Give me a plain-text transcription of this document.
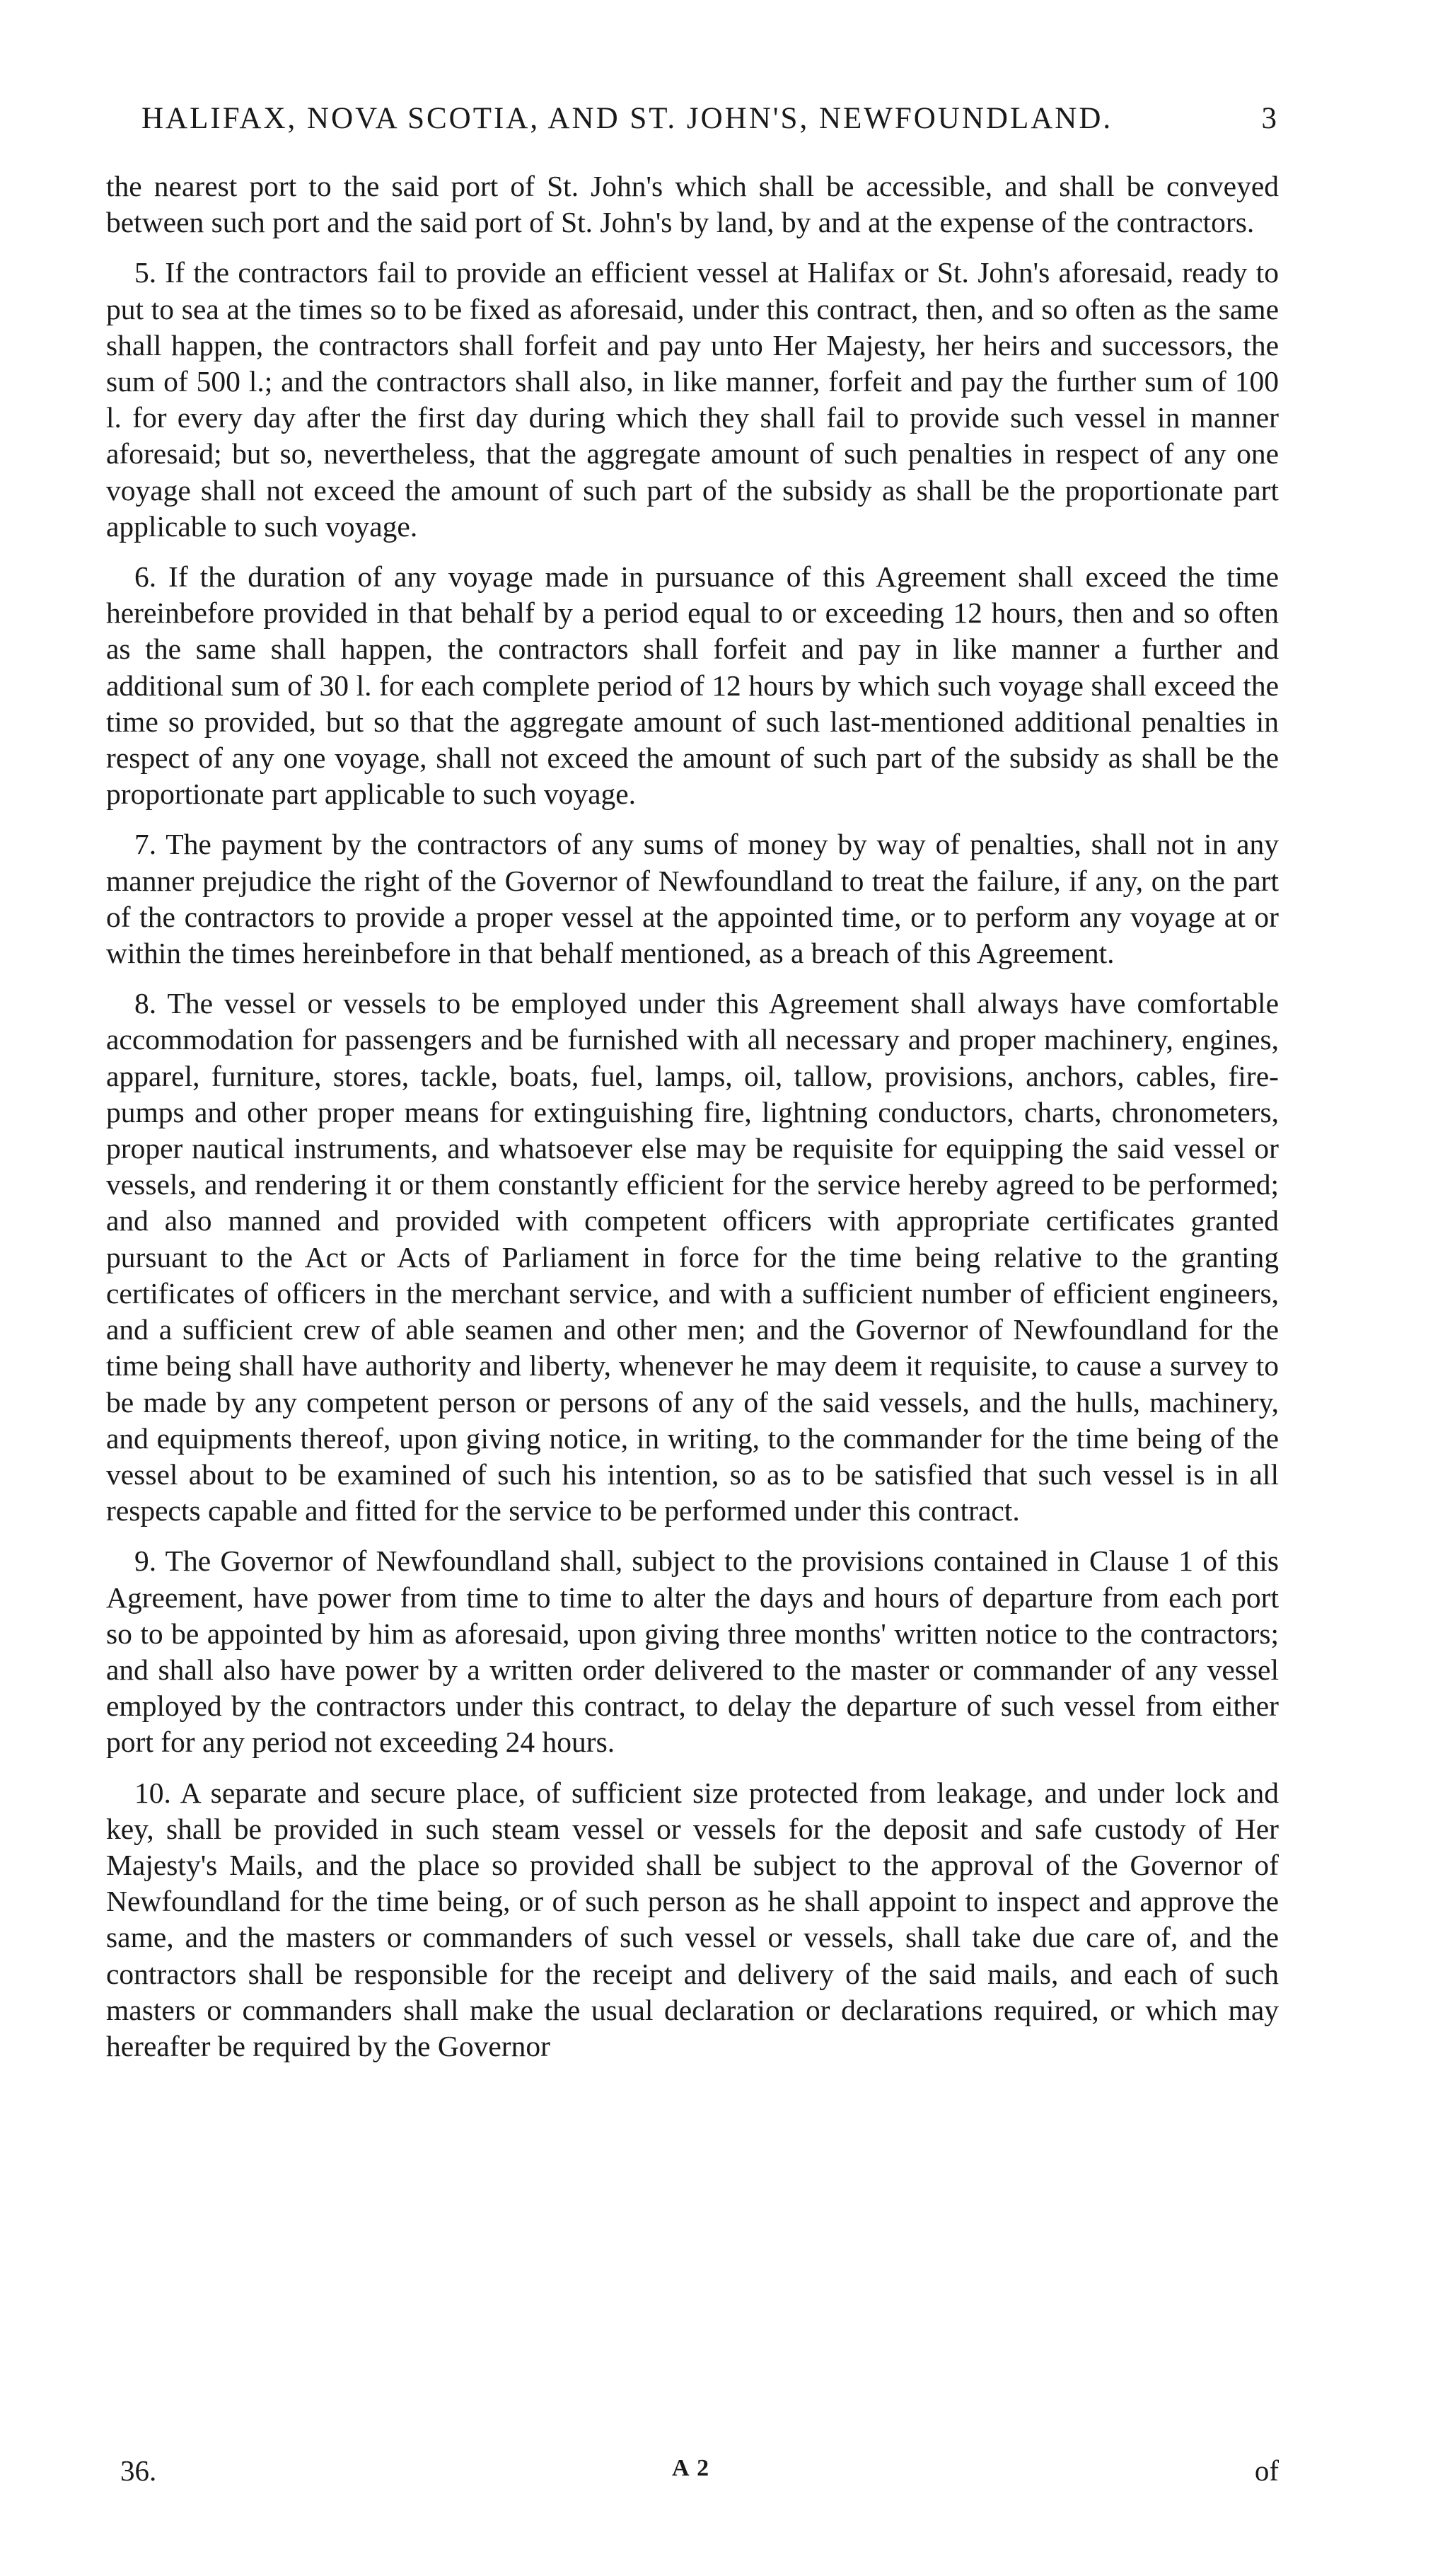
HALIFAX, NOVA SCOTIA, AND ST. JOHN'S, NEWFOUNDLAND.	3

the nearest port to the said port of St. John's which shall be accessible, and shall be conveyed between such port and the said port of St. John's by land, by and at the expense of the contractors.

5. If the contractors fail to provide an efficient vessel at Halifax or St. John's aforesaid, ready to put to sea at the times so to be fixed as aforesaid, under this contract, then, and so often as the same shall happen, the contractors shall forfeit and pay unto Her Majesty, her heirs and successors, the sum of 500 l.; and the contractors shall also, in like manner, forfeit and pay the further sum of 100 l. for every day after the first day during which they shall fail to provide such vessel in manner aforesaid; but so, nevertheless, that the aggregate amount of such penalties in respect of any one voyage shall not exceed the amount of such part of the subsidy as shall be the proportionate part applicable to such voyage.

6. If the duration of any voyage made in pursuance of this Agreement shall exceed the time hereinbefore provided in that behalf by a period equal to or exceeding 12 hours, then and so often as the same shall happen, the contractors shall forfeit and pay in like manner a further and additional sum of 30 l. for each complete period of 12 hours by which such voyage shall exceed the time so provided, but so that the aggregate amount of such last-mentioned additional penalties in respect of any one voyage, shall not exceed the amount of such part of the subsidy as shall be the proportionate part applicable to such voyage.

7. The payment by the contractors of any sums of money by way of penalties, shall not in any manner prejudice the right of the Governor of Newfoundland to treat the failure, if any, on the part of the contractors to provide a proper vessel at the appointed time, or to perform any voyage at or within the times hereinbefore in that behalf mentioned, as a breach of this Agreement.

8. The vessel or vessels to be employed under this Agreement shall always have comfortable accommodation for passengers and be furnished with all necessary and proper machinery, engines, apparel, furniture, stores, tackle, boats, fuel, lamps, oil, tallow, provisions, anchors, cables, fire-pumps and other proper means for extinguishing fire, lightning conductors, charts, chronometers, proper nautical instruments, and whatsoever else may be requisite for equipping the said vessel or vessels, and rendering it or them constantly efficient for the service hereby agreed to be performed; and also manned and provided with competent officers with appropriate certificates granted pursuant to the Act or Acts of Parliament in force for the time being relative to the granting certificates of officers in the merchant service, and with a sufficient number of efficient engineers, and a sufficient crew of able seamen and other men; and the Governor of Newfoundland for the time being shall have authority and liberty, whenever he may deem it requisite, to cause a survey to be made by any competent person or persons of any of the said vessels, and the hulls, machinery, and equipments thereof, upon giving notice, in writing, to the commander for the time being of the vessel about to be examined of such his intention, so as to be satisfied that such vessel is in all respects capable and fitted for the service to be performed under this contract.

9. The Governor of Newfoundland shall, subject to the provisions contained in Clause 1 of this Agreement, have power from time to time to alter the days and hours of departure from each port so to be appointed by him as aforesaid, upon giving three months' written notice to the contractors; and shall also have power by a written order delivered to the master or commander of any vessel employed by the contractors under this contract, to delay the departure of such vessel from either port for any period not exceeding 24 hours.

10. A separate and secure place, of sufficient size protected from leakage, and under lock and key, shall be provided in such steam vessel or vessels for the deposit and safe custody of Her Majesty's Mails, and the place so provided shall be subject to the approval of the Governor of Newfoundland for the time being, or of such person as he shall appoint to inspect and approve the same, and the masters or commanders of such vessel or vessels, shall take due care of, and the contractors shall be responsible for the receipt and delivery of the said mails, and each of such masters or commanders shall make the usual declaration or declarations required, or which may hereafter be required by the Governor

36.	A 2	of
